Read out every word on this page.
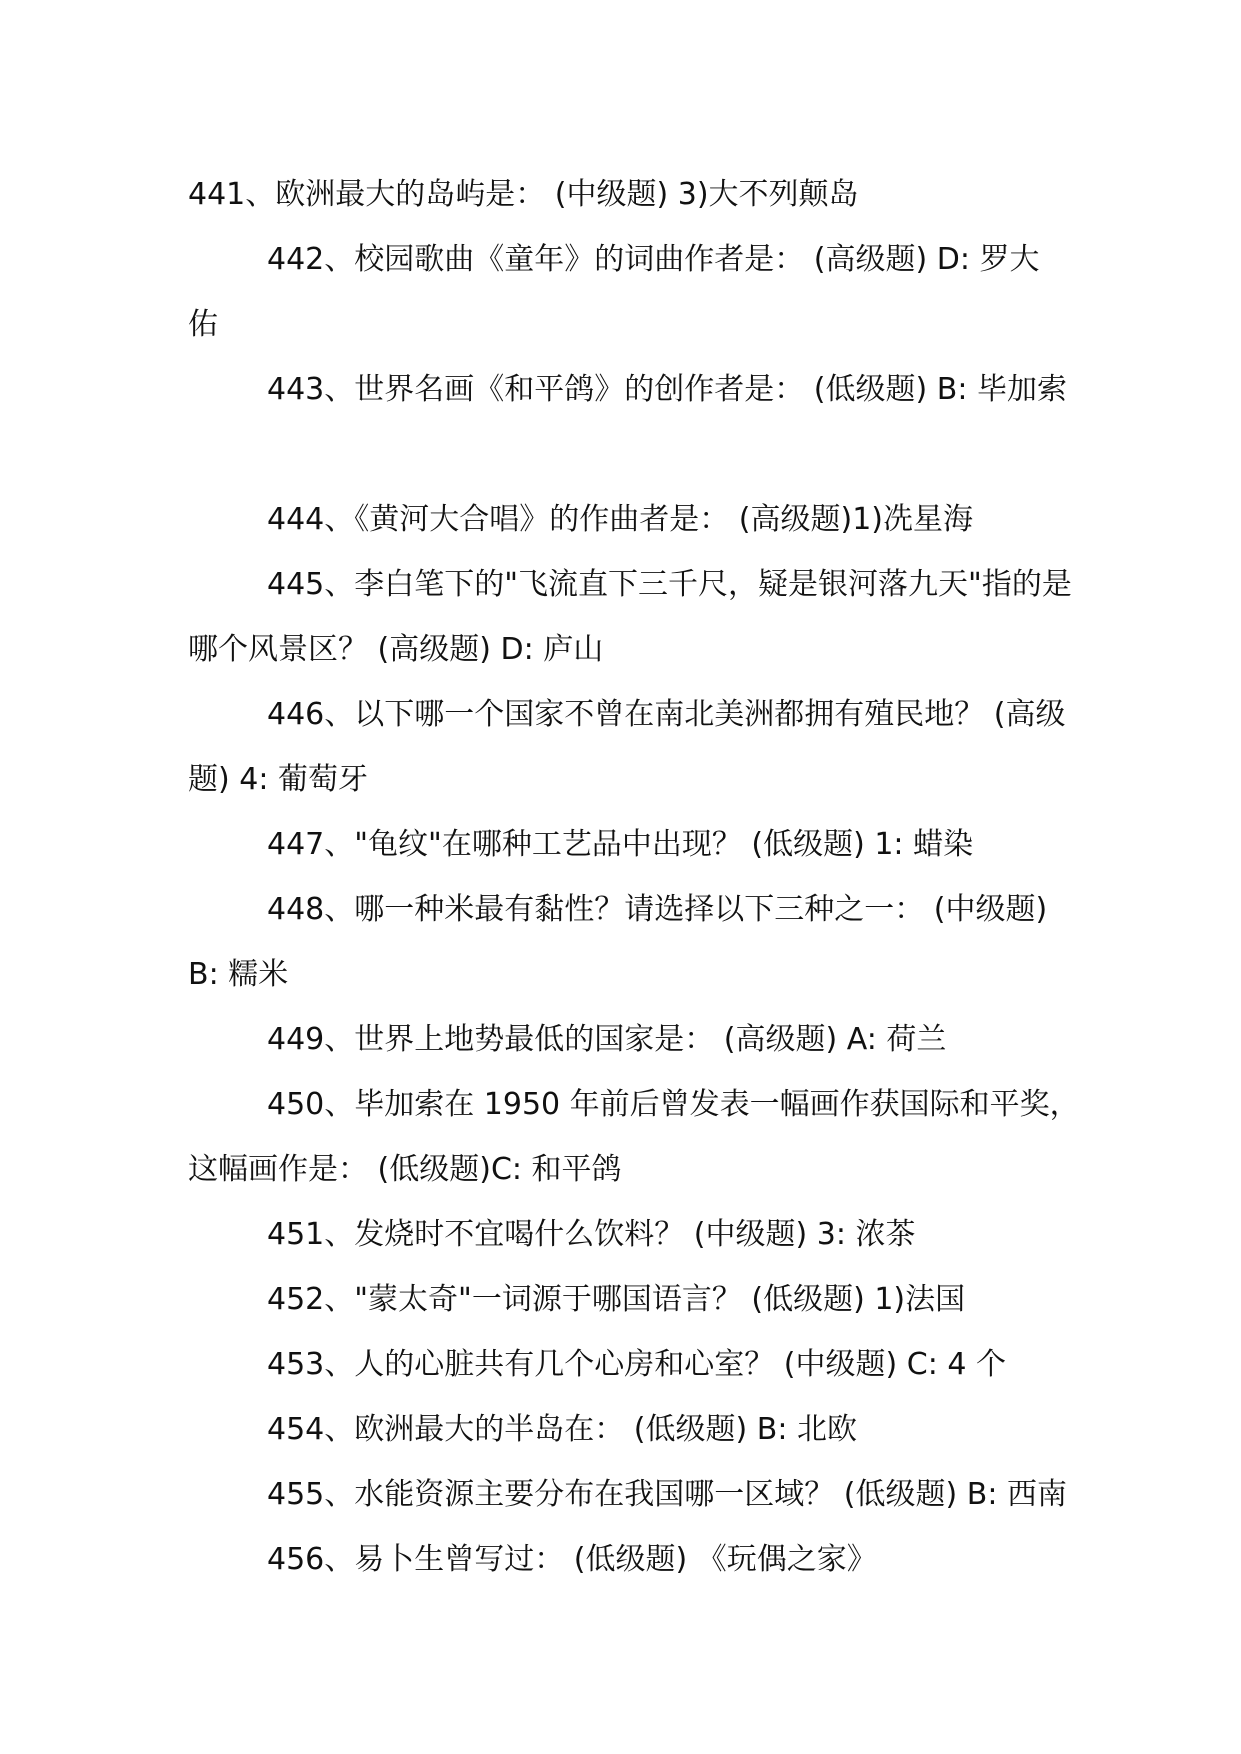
441、欧洲最大的岛屿是： (中级题) 3)大不列颠岛
442、校园歌曲《童年》的词曲作者是： (高级题) D: 罗大
佑
443、世界名画《和平鸽》的创作者是： (低级题) B: 毕加索
444、《黄河大合唱》的作曲者是： (高级题)1)冼星海
445、李白笔下的"飞流直下三千尺，疑是银河落九天"指的是
哪个风景区？ (高级题) D: 庐山
446、以下哪一个国家不曾在南北美洲都拥有殖民地？ (高级
题) 4: 葡萄牙
447、"龟纹"在哪种工艺品中出现？ (低级题) 1: 蜡染
448、哪一种米最有黏性？请选择以下三种之一： (中级题)
B: 糯米
449、世界上地势最低的国家是： (高级题) A: 荷兰
450、毕加索在 1950 年前后曾发表一幅画作获国际和平奖，
这幅画作是： (低级题)C: 和平鸽
451、发烧时不宜喝什么饮料？ (中级题) 3: 浓茶
452、"蒙太奇"一词源于哪国语言？ (低级题) 1)法国
453、人的心脏共有几个心房和心室？ (中级题) C: 4 个
454、欧洲最大的半岛在： (低级题) B: 北欧
455、水能资源主要分布在我国哪一区域？ (低级题) B: 西南
456、易卜生曾写过： (低级题) 《玩偶之家》
